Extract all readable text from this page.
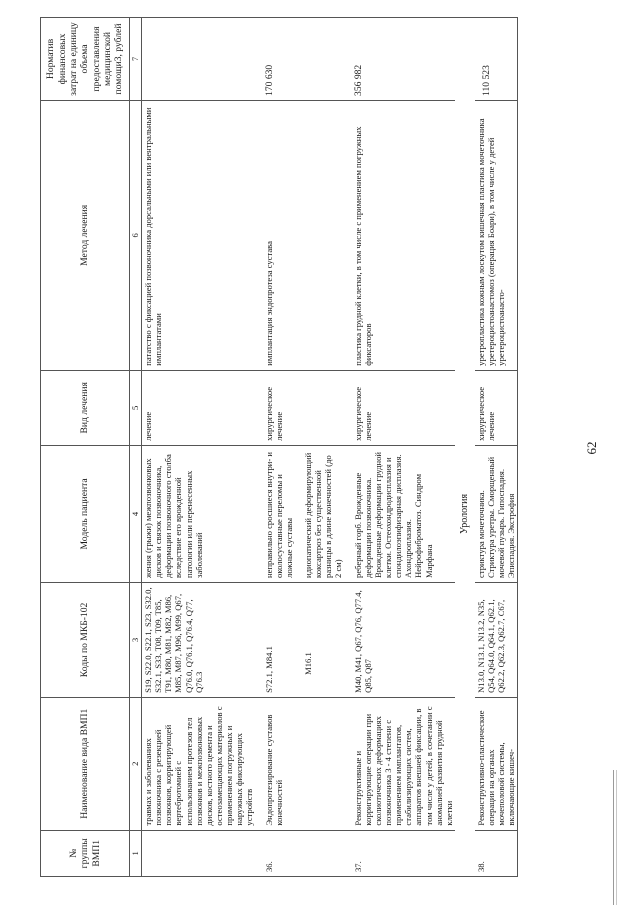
62
№ группы ВМП1	Наименование вида ВМП1	Коды по МКБ-102	Модель пациента	Вид лечения	Метод лечения	Норматив финансовых затрат на единицу объема предоставления медицинской помощи3, рублей
1	2	3	4	5	6	7
	травмах и заболеваниях позвоночника с резекцией позвонков, корригирующей вертебротомией с использованием протезов тел позвонков и межпозвонковых дисков, костного цемента и остеозамещающих материалов с применением погружных и наружных фиксирующих устройств	S19, S22.0, S22.1, S23, S32.0, S32.1, S33, T08, T09, T85, T91, M80, M81, M82, M86, M85, M87, M96, M99, Q67, Q76.0, Q76.1, Q76.4, Q77, Q76.3	жения (грыжи) межпозвонковых дисков и связок позвоночника, деформации позвоночного столба вследствие его врожденной патологии или перенесенных заболеваний	лечение	пататство с фиксацией позвоночника дорсальными или вентральными имплантатами	
36.	Эндопротезирование суставов конечностей	S72.1, M84.1	неправильно сросшиеся внутри- и околосуставные переломы и ложные суставы	хирургическое лечение	имплантация эндопротеза сустава	170 630
		M16.1	идиопатический деформирующий коксартроз без существенной разницы в длине конечностей (до 2 см)			
37.	Реконструктивные и корригирующие операции при сколиотических деформациях позвоночника 3 - 4 степени с применением имплантатов, стабилизирующих систем, аппаратов внешней фиксации, в том числе у детей, в сочетании с аномалией развития грудной клетки	M40, M41, Q67, Q76, Q77.4, Q85, Q87	реберный горб. Врожденные деформации позвоночника. Врожденные деформации грудной клетки. Остеохондродисплазия и спондилоэпифизарная дисплазия. Ахондроплазия. Нейрофиброматоз. Синдром Марфана	хирургическое лечение	пластика грудной клетки, в том числе с применением погружных фиксаторов	356 982
			Урология			
38.	Реконструктивно-пластические операции на органах мочеполовой системы, включающие кишеч-	N13.0, N13.1, N13.2, N35, Q54, Q64.0, Q64.1, Q62.1, Q62.2, Q62.3, Q62.7, C67,	стриктура мочеточника. Стриктура уретры. Сморщенный мочевой пузырь. Гипоспадия. Эписпадия. Экстрофия	хирургическое лечение	уретропластика кожным лоскутом кишечная пластика мочеточника уретероцистоанастомоз (операция Боари), в том числе у детей уретероцистоанасто-	110 523
